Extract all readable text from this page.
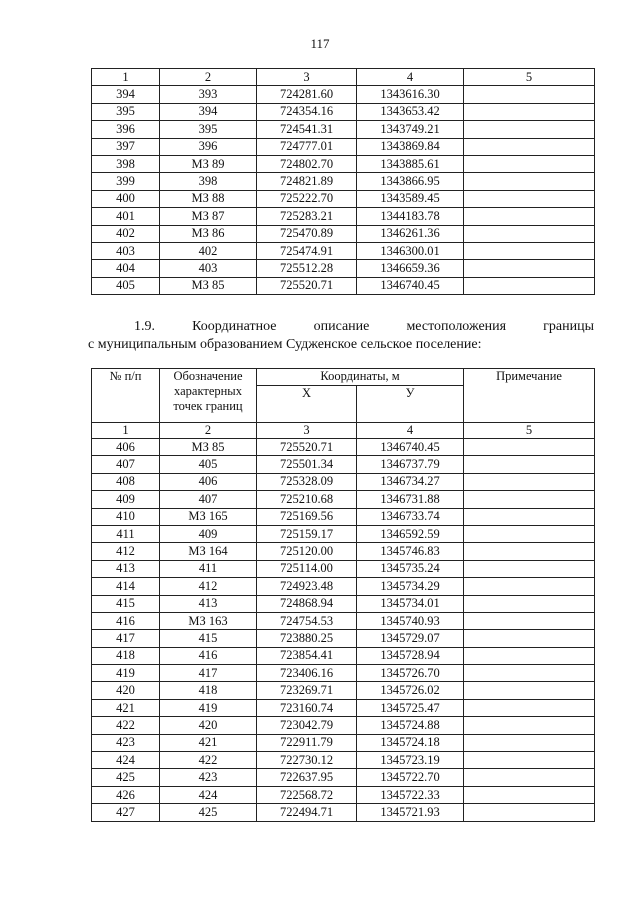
117
1	2	3	4	5
394	393	724281.60	1343616.30	
395	394	724354.16	1343653.42	
396	395	724541.31	1343749.21	
397	396	724777.01	1343869.84	
398	МЗ 89	724802.70	1343885.61	
399	398	724821.89	1343866.95	
400	МЗ 88	725222.70	1343589.45	
401	МЗ 87	725283.21	1344183.78	
402	МЗ 86	725470.89	1346261.36	
403	402	725474.91	1346300.01	
404	403	725512.28	1346659.36	
405	МЗ 85	725520.71	1346740.45	
1.9.	Координатное	описание	местоположения	границы
с муниципальным образованием Судженское сельское поселение:
№ п/п	Обозначение характерных точек границ	Координаты, м		Примечание
		X	У	
1	2	3	4	5
406	МЗ 85	725520.71	1346740.45	
407	405	725501.34	1346737.79	
408	406	725328.09	1346734.27	
409	407	725210.68	1346731.88	
410	МЗ 165	725169.56	1346733.74	
411	409	725159.17	1346592.59	
412	МЗ 164	725120.00	1345746.83	
413	411	725114.00	1345735.24	
414	412	724923.48	1345734.29	
415	413	724868.94	1345734.01	
416	МЗ 163	724754.53	1345740.93	
417	415	723880.25	1345729.07	
418	416	723854.41	1345728.94	
419	417	723406.16	1345726.70	
420	418	723269.71	1345726.02	
421	419	723160.74	1345725.47	
422	420	723042.79	1345724.88	
423	421	722911.79	1345724.18	
424	422	722730.12	1345723.19	
425	423	722637.95	1345722.70	
426	424	722568.72	1345722.33	
427	425	722494.71	1345721.93	
